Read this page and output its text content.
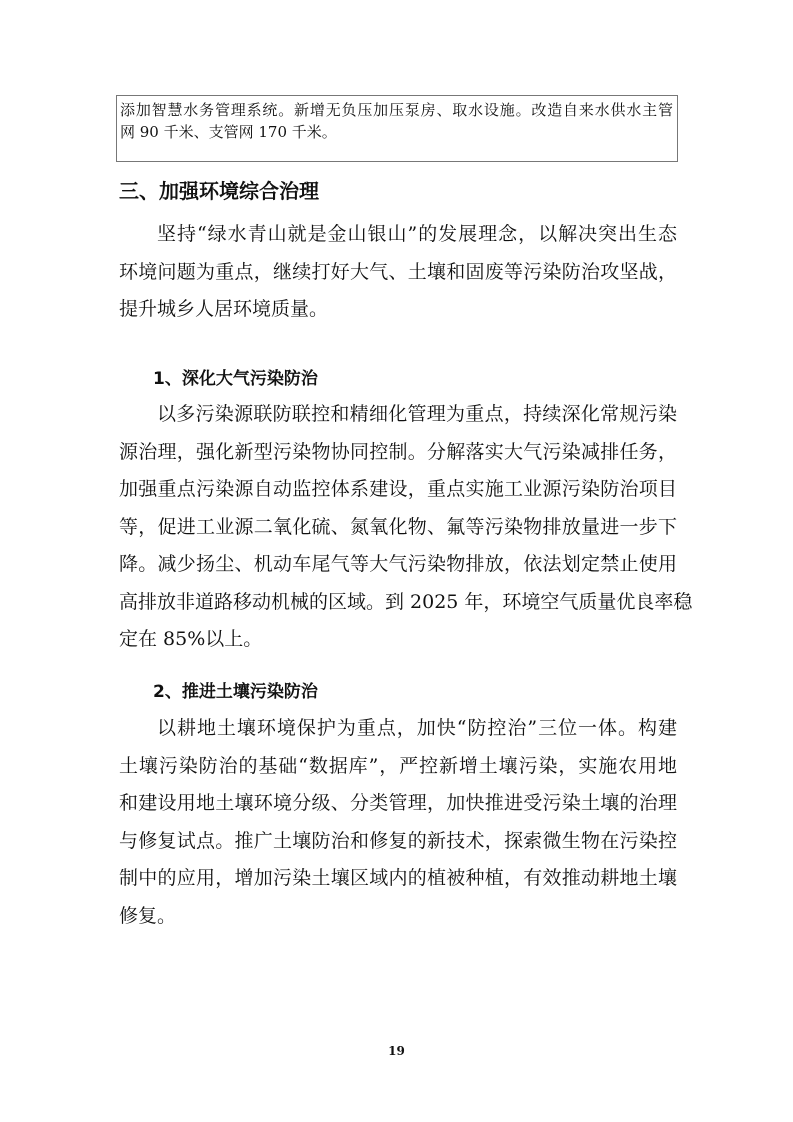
添加智慧水务管理系统。新增无负压加压泵房、取水设施。改造自来水供水主管
网 90 千米、支管网 170 千米。
三、加强环境综合治理
坚持“绿水青山就是金山银山”的发展理念，以解决突出生态
环境问题为重点，继续打好大气、土壤和固废等污染防治攻坚战，
提升城乡人居环境质量。
1、深化大气污染防治
以多污染源联防联控和精细化管理为重点，持续深化常规污染
源治理，强化新型污染物协同控制。分解落实大气污染减排任务，
加强重点污染源自动监控体系建设，重点实施工业源污染防治项目
等，促进工业源二氧化硫、氮氧化物、氟等污染物排放量进一步下
降。减少扬尘、机动车尾气等大气污染物排放，依法划定禁止使用
高排放非道路移动机械的区域。到 2025 年，环境空气质量优良率稳
定在 85%以上。
2、推进土壤污染防治
以耕地土壤环境保护为重点，加快“防控治”三位一体。构建
土壤污染防治的基础“数据库”，严控新增土壤污染，实施农用地
和建设用地土壤环境分级、分类管理，加快推进受污染土壤的治理
与修复试点。推广土壤防治和修复的新技术，探索微生物在污染控
制中的应用，增加污染土壤区域内的植被种植，有效推动耕地土壤
修复。
19
